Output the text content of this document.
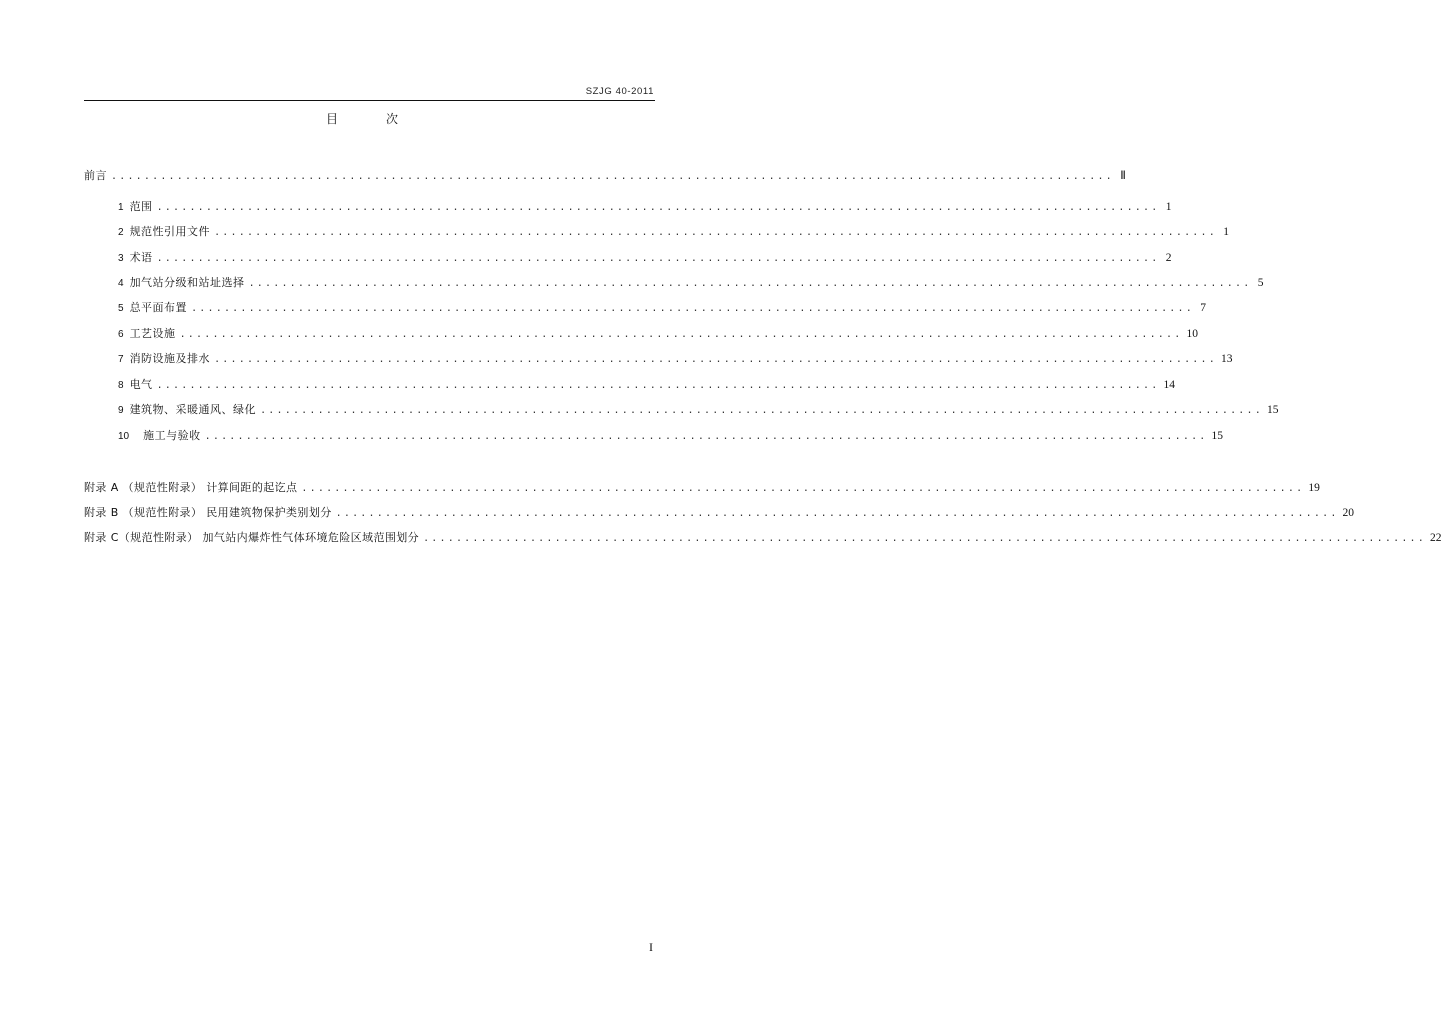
SZJG 40-2011
目　次
前言 .......................................................................................................................... Ⅱ
1 范围 .......................................................................................................................... 1
2 规范性引用文件 .......................................................................................................................... 1
3 术语 .......................................................................................................................... 2
4 加气站分级和站址选择 .......................................................................................................................... 5
5 总平面布置 .......................................................................................................................... 7
6 工艺设施 .......................................................................................................................... 10
7 消防设施及排水 .......................................................................................................................... 13
8 电气 .......................................................................................................................... 14
9 建筑物、采暖通风、绿化 .......................................................................................................................... 15
10 施工与验收 .......................................................................................................................... 15
附录 A （规范性附录） 计算间距的起讫点 .......................................................................................................................... 19
附录 B （规范性附录） 民用建筑物保护类别划分 .......................................................................................................................... 20
附录 C（规范性附录） 加气站内爆炸性气体环境危险区域范围划分 .......................................................................................................................... 22
I
